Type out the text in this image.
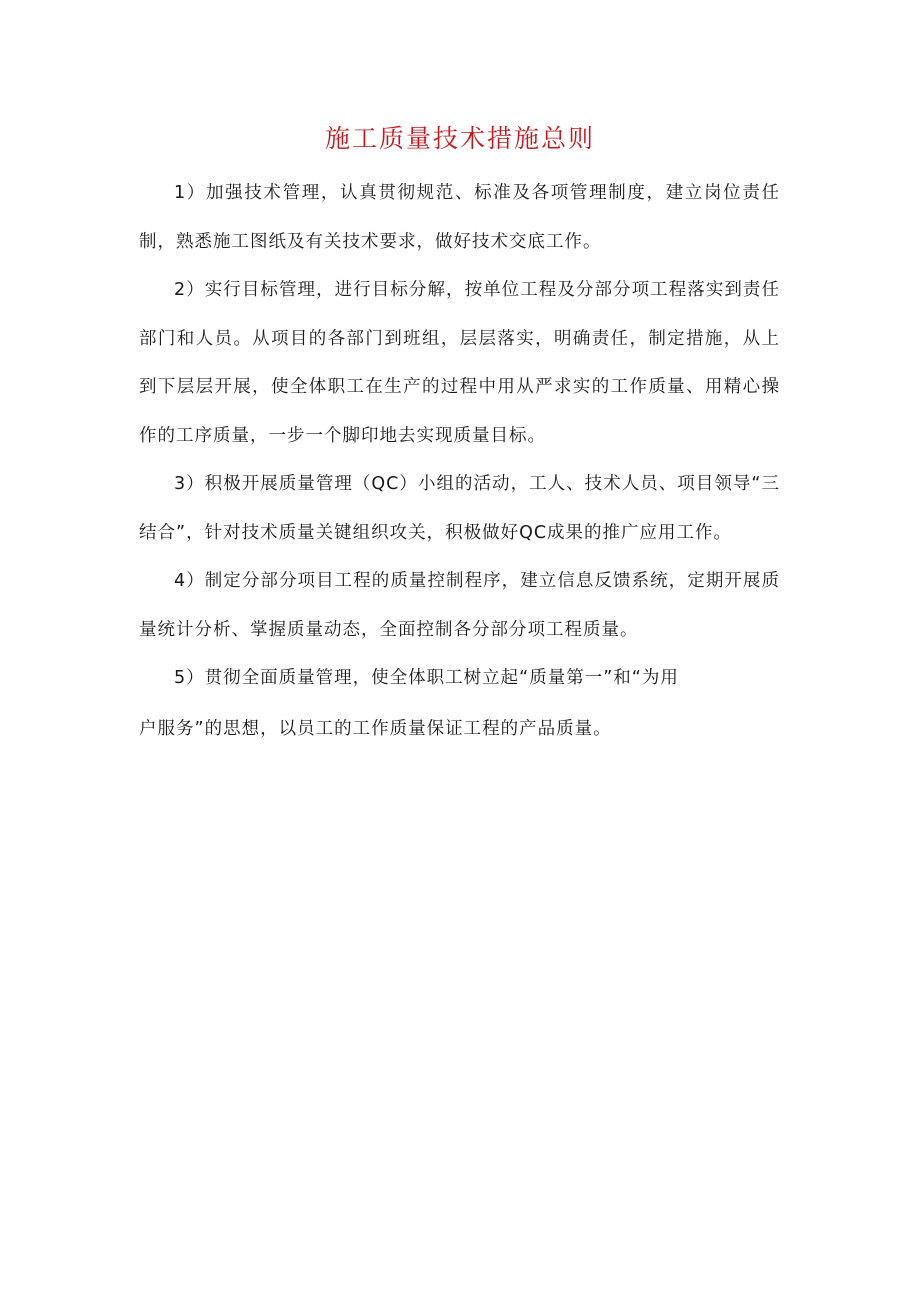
施工质量技术措施总则

1）加强技术管理，认真贯彻规范、标准及各项管理制度，建立岗位责任制，熟悉施工图纸及有关技术要求，做好技术交底工作。

2）实行目标管理，进行目标分解，按单位工程及分部分项工程落实到责任部门和人员。从项目的各部门到班组，层层落实，明确责任，制定措施，从上到下层层开展，使全体职工在生产的过程中用从严求实的工作质量、用精心操作的工序质量，一步一个脚印地去实现质量目标。

3）积极开展质量管理（QC）小组的活动，工人、技术人员、项目领导“三结合”，针对技术质量关键组织攻关，积极做好QC成果的推广应用工作。

4）制定分部分项目工程的质量控制程序，建立信息反馈系统，定期开展质量统计分析、掌握质量动态，全面控制各分部分项工程质量。

5）贯彻全面质量管理，使全体职工树立起“质量第一”和“为用

户服务”的思想，以员工的工作质量保证工程的产品质量。
